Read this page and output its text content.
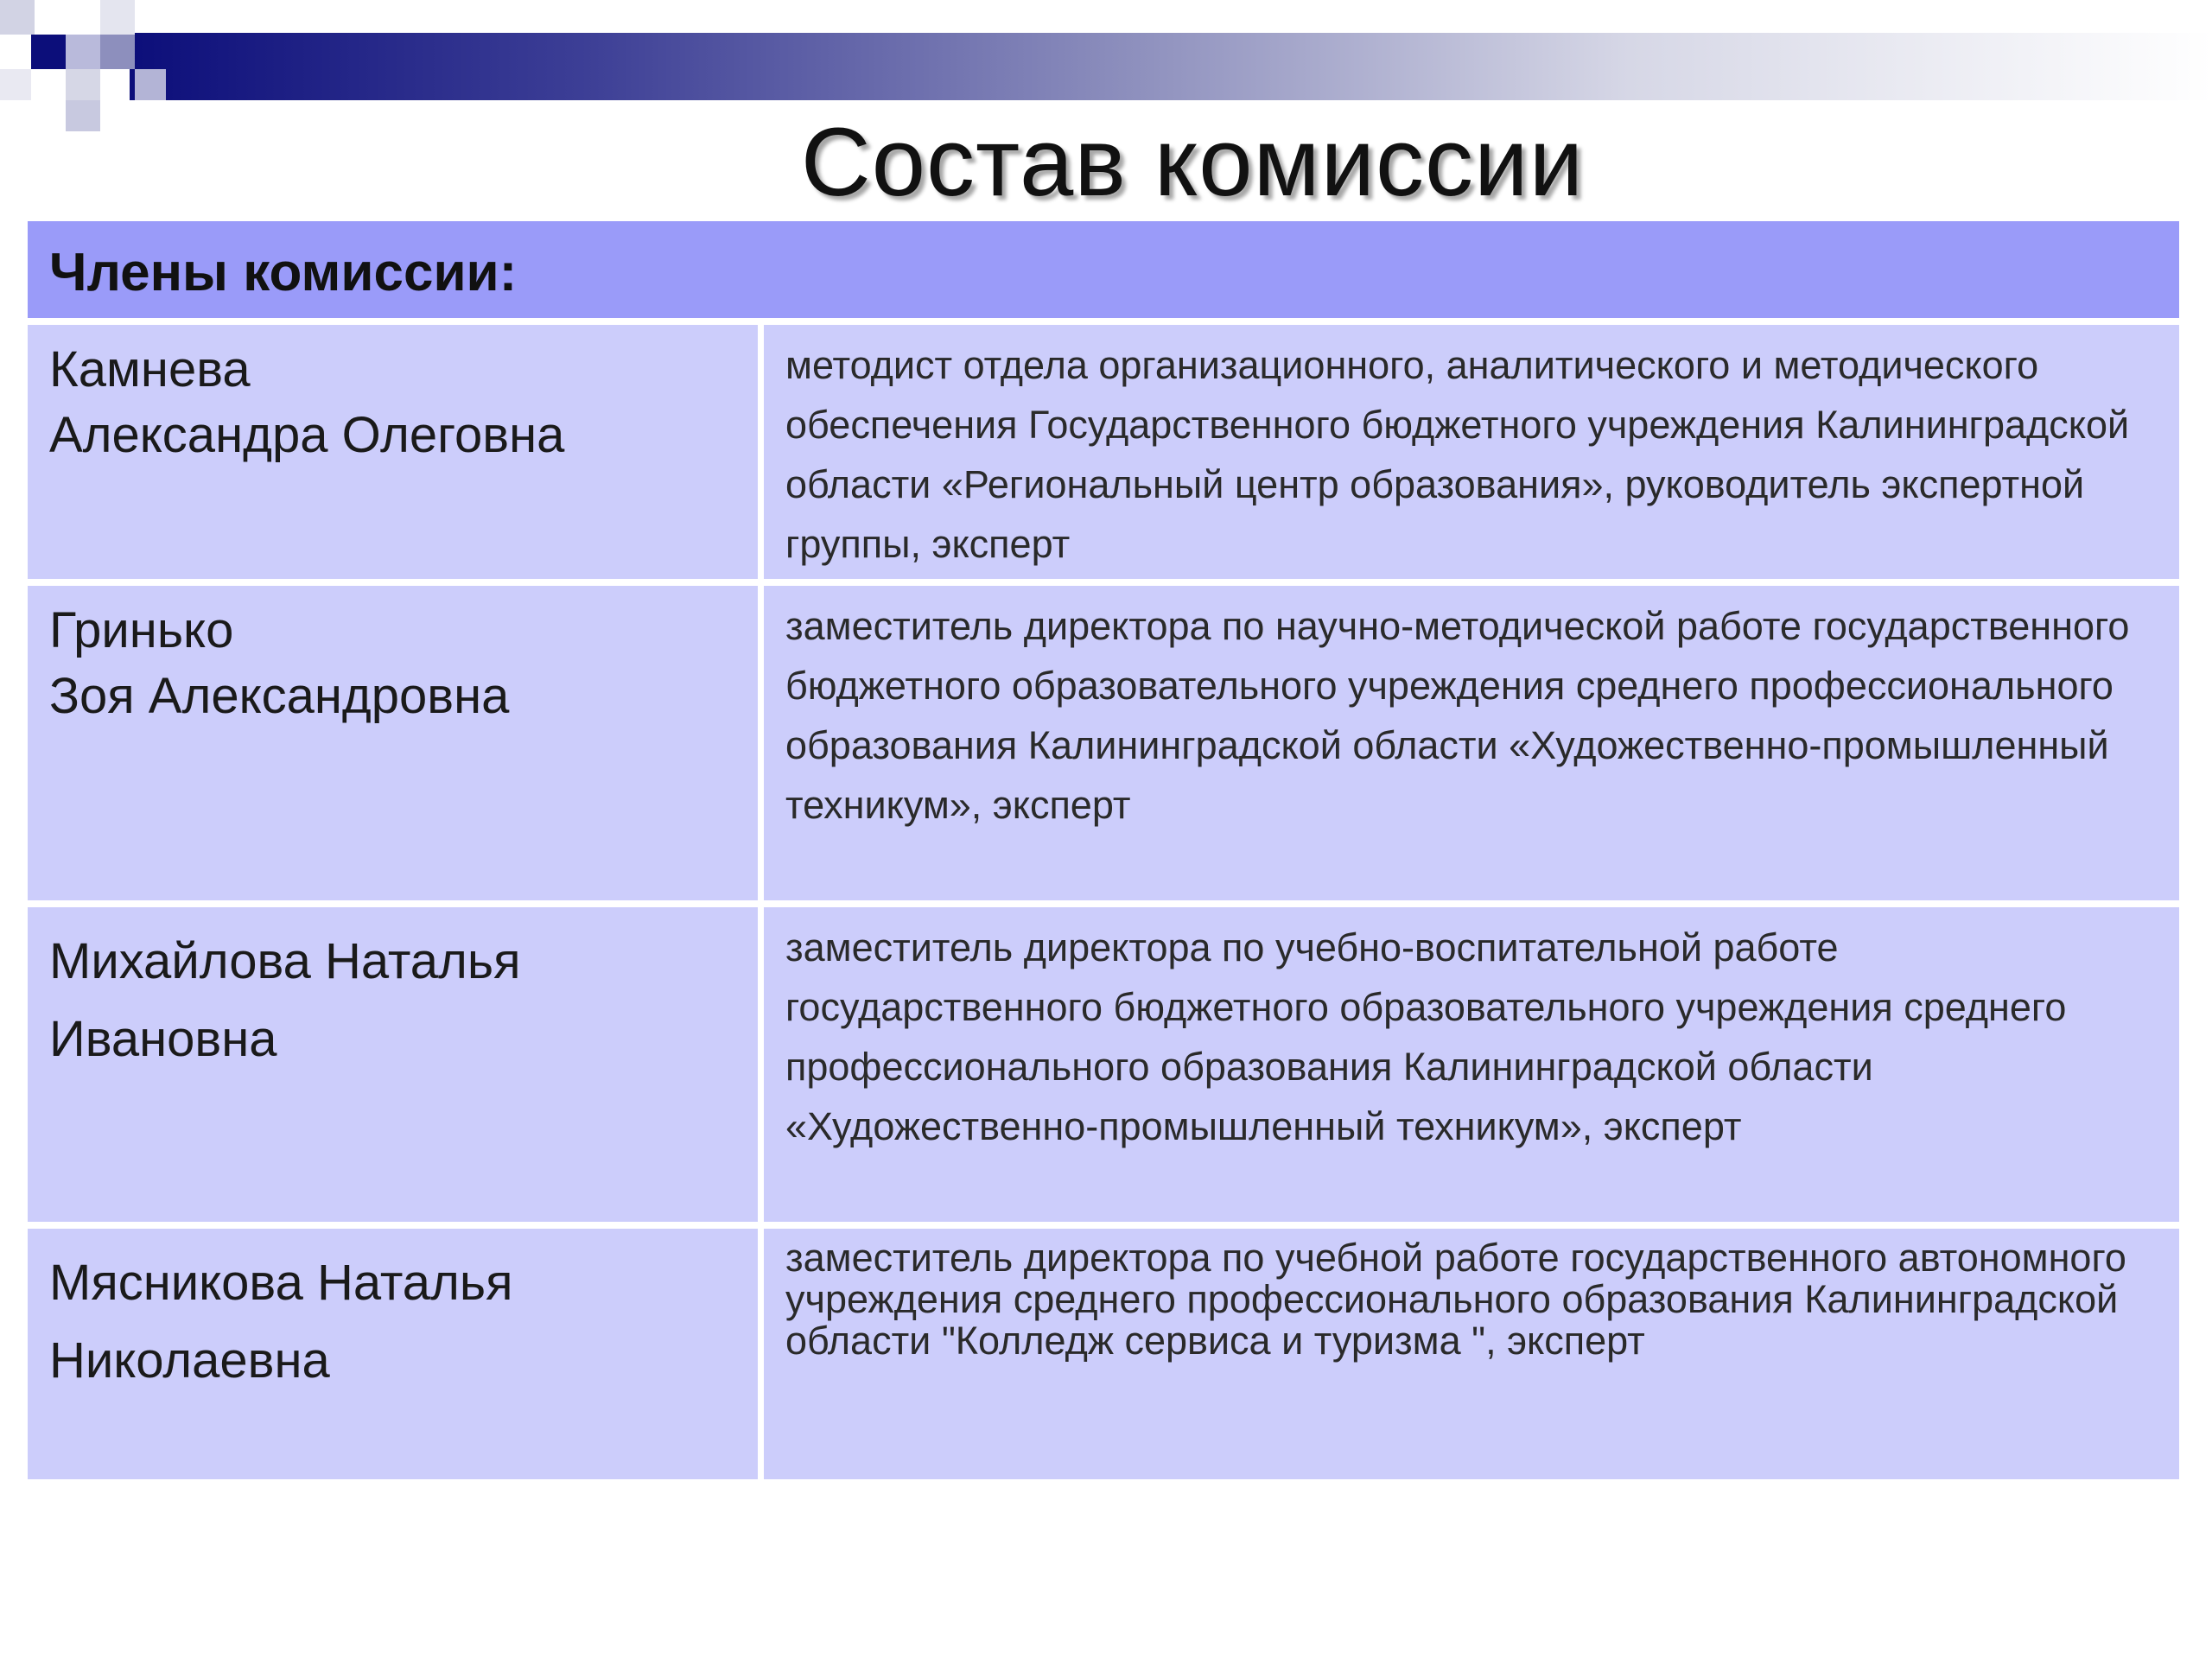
Состав комиссии
Члены комиссии:
Камнева
Александра Олеговна
методист отдела организационного, аналитического и методического обеспечения Государственного бюджетного учреждения Калининградской области «Региональный центр образования», руководитель экспертной группы, эксперт
Гринько
Зоя Александровна
заместитель директора по научно-методической работе государственного бюджетного образовательного учреждения среднего профессионального образования Калининградской области «Художественно-промышленный техникум», эксперт
Михайлова Наталья
Ивановна
заместитель директора по учебно-воспитательной работе государственного бюджетного образовательного учреждения среднего профессионального образования Калининградской области «Художественно-промышленный техникум», эксперт
Мясникова Наталья
Николаевна
заместитель директора по учебной работе государственного автономного учреждения среднего профессионального образования Калининградской области "Колледж сервиса и туризма ", эксперт
